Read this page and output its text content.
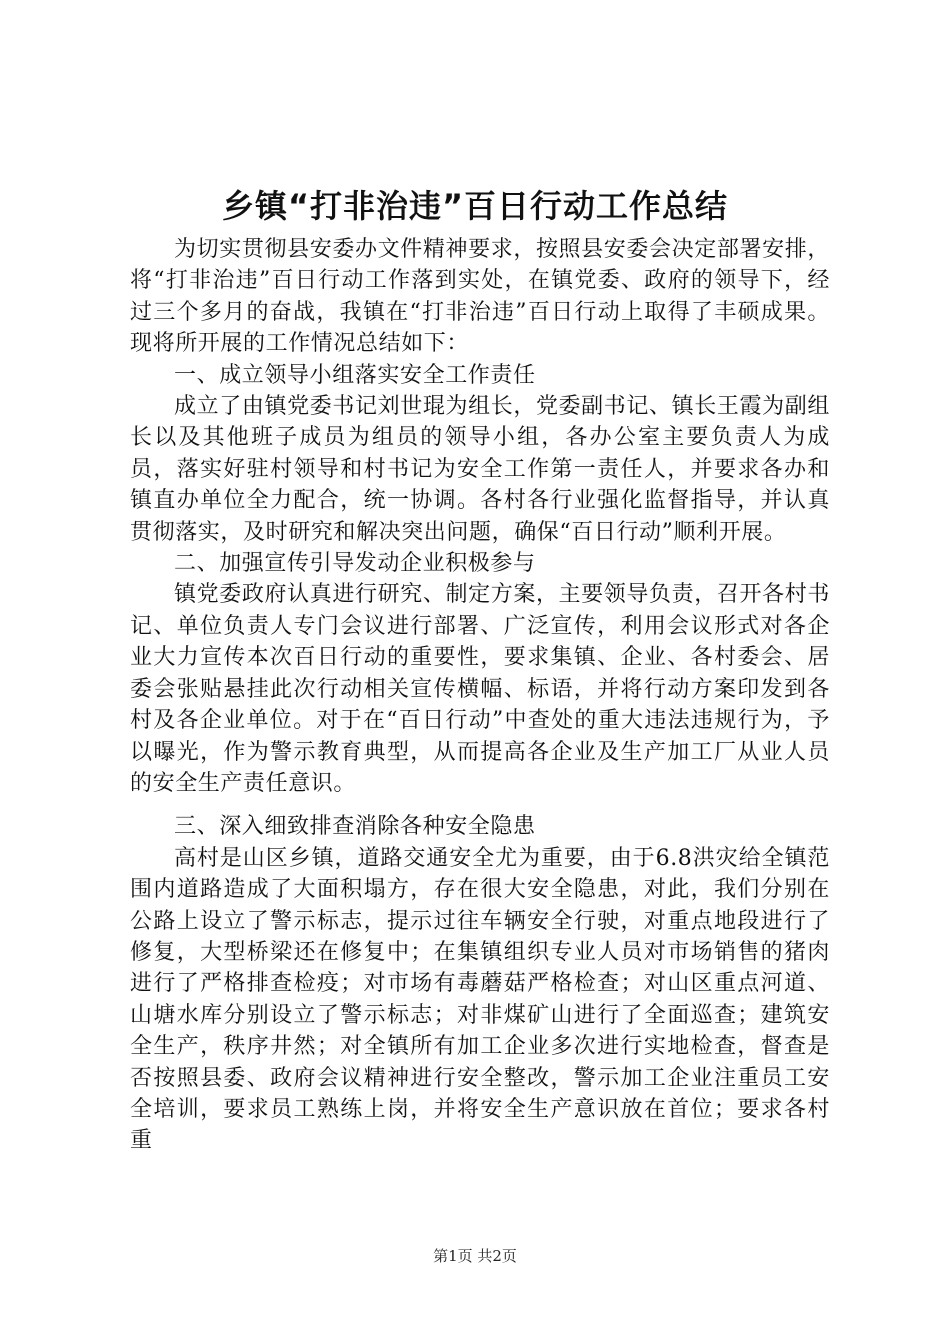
乡镇“打非治违”百日行动工作总结

为切实贯彻县安委办文件精神要求，按照县安委会决定部署安排，将“打非治违”百日行动工作落到实处，在镇党委、政府的领导下，经过三个多月的奋战，我镇在“打非治违”百日行动上取得了丰硕成果。现将所开展的工作情况总结如下：

一、成立领导小组落实安全工作责任

成立了由镇党委书记刘世琨为组长，党委副书记、镇长王霞为副组长以及其他班子成员为组员的领导小组，各办公室主要负责人为成员，落实好驻村领导和村书记为安全工作第一责任人，并要求各办和镇直办单位全力配合，统一协调。各村各行业强化监督指导，并认真贯彻落实，及时研究和解决突出问题，确保“百日行动”顺利开展。

二、加强宣传引导发动企业积极参与

镇党委政府认真进行研究、制定方案，主要领导负责，召开各村书记、单位负责人专门会议进行部署、广泛宣传，利用会议形式对各企业大力宣传本次百日行动的重要性，要求集镇、企业、各村委会、居委会张贴悬挂此次行动相关宣传横幅、标语，并将行动方案印发到各村及各企业单位。对于在“百日行动”中查处的重大违法违规行为，予以曝光，作为警示教育典型，从而提高各企业及生产加工厂从业人员的安全生产责任意识。

三、深入细致排查消除各种安全隐患

高村是山区乡镇，道路交通安全尤为重要，由于6.8洪灾给全镇范围内道路造成了大面积塌方，存在很大安全隐患，对此，我们分别在公路上设立了警示标志，提示过往车辆安全行驶，对重点地段进行了修复，大型桥梁还在修复中；在集镇组织专业人员对市场销售的猪肉进行了严格排查检疫；对市场有毒蘑菇严格检查；对山区重点河道、山塘水库分别设立了警示标志；对非煤矿山进行了全面巡查；建筑安全生产，秩序井然；对全镇所有加工企业多次进行实地检查，督查是否按照县委、政府会议精神进行安全整改，警示加工企业注重员工安全培训，要求员工熟练上岗，并将安全生产意识放在首位；要求各村重

第1页 共2页
